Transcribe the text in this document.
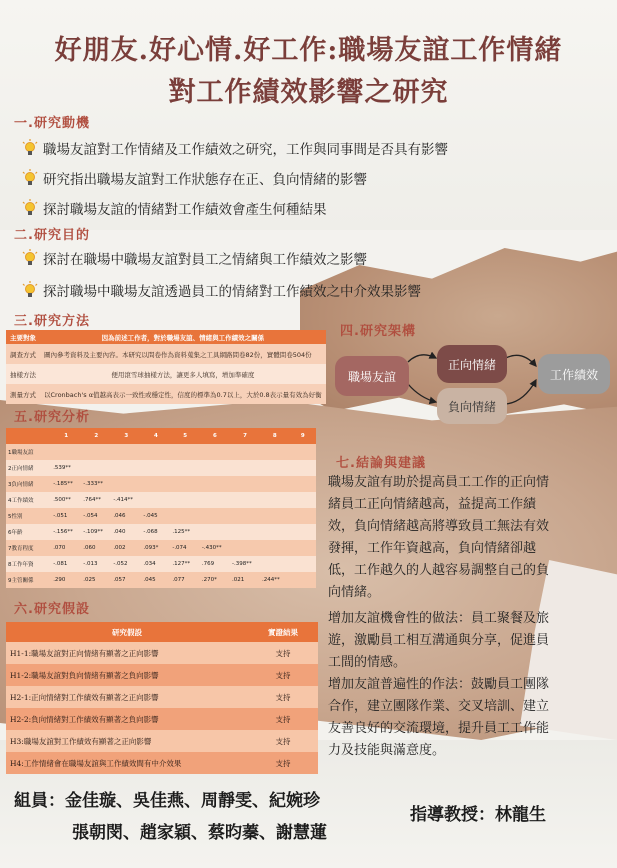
好朋友.好心情.好工作:職場友誼工作情緒
對工作績效影響之研究
一.研究動機
職場友誼對工作情緒及工作績效之研究，工作與同事間是否具有影響
研究指出職場友誼對工作狀態存在正、負向情緒的影響
探討職場友誼的情緒對工作績效會產生何種結果
二.研究目的
探討在職場中職場友誼對員工之情緒與工作績效之影響
探討職場中職場友誼透過員工的情緒對工作績效之中介效果影響
三.研究方法
主要對象	因為前述工作者，對於職場友誼、情緒與工作績效之關係
調查方式	圖內參考資料及主要內容。本研究以問卷作為資料蒐集之工具網路問卷82份，實體問卷504份
抽樣方法	便用滾雪球抽樣方法，讓更多人填寫，增加準確度
測量方式	以Cronbach's α值越高表示一致性或穩定性，信度的標準為0.7以上，大於0.8表示量有效為好衡
四.研究架構
職場友誼
正向情緒
負向情緒
工作績效
五.研究分析
	1	2	3	4	5	6	7	8	9
1職場友誼									
2正向情緒	.539**								
3負向情緒	-.185**	-.333**							
4工作績效	.500**	.764**	-.414**						
5性別	-.051	-.054	.046	-.045					
6年齡	-.156**	-.109**	.040	-.068	.125**				
7教育程度	.070	.060	.002	.093*	-.074	-.430**			
8工作年資	-.081	-.013	-.052	.034	.127**	.769	-.398**		
9主管關係	.290	.025	.057	.045	.077	.270*	.021	.244**	
六.研究假設
研究假設	實證結果
H1-1:職場友誼對正向情緒有顯著之正向影響	支持
H1-2:職場友誼對負向情緒有顯著之負向影響	支持
H2-1:正向情緒對工作績效有顯著之正向影響	支持
H2-2:負向情緒對工作績效有顯著之負向影響	支持
H3:職場友誼對工作績效有顯著之正向影響	支持
H4:工作情緒會在職場友誼與工作績效間有中介效果	支持
七.結論與建議
職場友誼有助於提高員工工作的正向情
緒員工正向情緒越高，益提高工作績
效，負向情緒越高將導致員工無法有效
發揮，工作年資越高，負向情緒卻越
低，工作越久的人越容易調整自己的負
向情緒。
增加友誼機會性的做法：員工聚餐及旅
遊，激勵員工相互溝通與分享，促進員
工間的情感。
增加友誼普遍性的作法：鼓勵員工團隊
合作，建立團隊作業、交叉培訓、建立
友善良好的交流環境，提升員工工作能
力及技能與滿意度。
組員：金佳璇、吳佳燕、周靜雯、紀婉珍
張朝閔、趙家穎、蔡昀蓁、謝慧蓮
指導教授：林龍生
